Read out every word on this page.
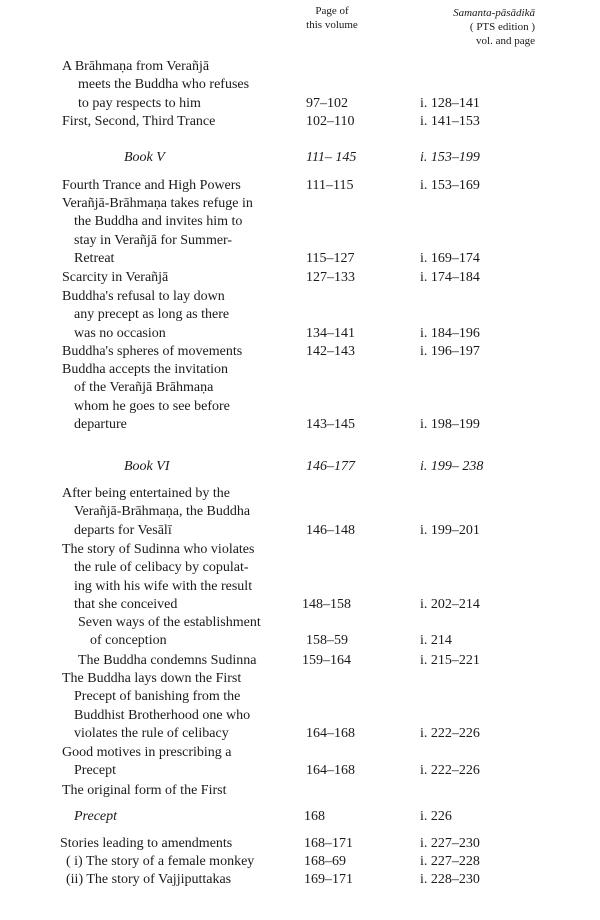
Page of
this volume
Samanta-pāsādikā
( PTS edition )
vol. and page
A Brāhmaṇa from Verañjā
meets the Buddha who refuses
to pay respects to him	97–102	i. 128–141
First, Second, Third Trance	102–110	i. 141–153
Book V	111– 145	i. 153–199
Fourth Trance and High Powers	111–115	i. 153–169
Verañjā-Brāhmaṇa takes refuge in
the Buddha and invites him to
stay in Verañjā for Summer-
Retreat	115–127	i. 169–174
Scarcity in Verañjā	127–133	i. 174–184
Buddha's refusal to lay down
any precept as long as there
was no occasion	134–141	i. 184–196
Buddha's spheres of movements	142–143	i. 196–197
Buddha accepts the invitation
of the Verañjā Brāhmaṇa
whom he goes to see before
departure	143–145	i. 198–199
Book VI	146–177	i. 199– 238
After being entertained by the
Verañjā-Brāhmaṇa, the Buddha
departs for Vesālī	146–148	i. 199–201
The story of Sudinna who violates
the rule of celibacy by copulat-
ing with his wife with the result
that she conceived	148–158	i. 202–214
Seven ways of the establishment
of conception	158–59	i. 214
The Buddha condemns Sudinna	159–164	i. 215–221
The Buddha lays down the First
Precept of banishing from the
Buddhist Brotherhood one who
violates the rule of celibacy	164–168	i. 222–226
Good motives in prescribing a
Precept	164–168	i. 222–226
The original form of the First
Precept	168	i. 226
Stories leading to amendments	168–171	i. 227–230
( i) The story of a female monkey	168–69	i. 227–228
(ii) The story of Vajjiputtakas	169–171	i. 228–230
